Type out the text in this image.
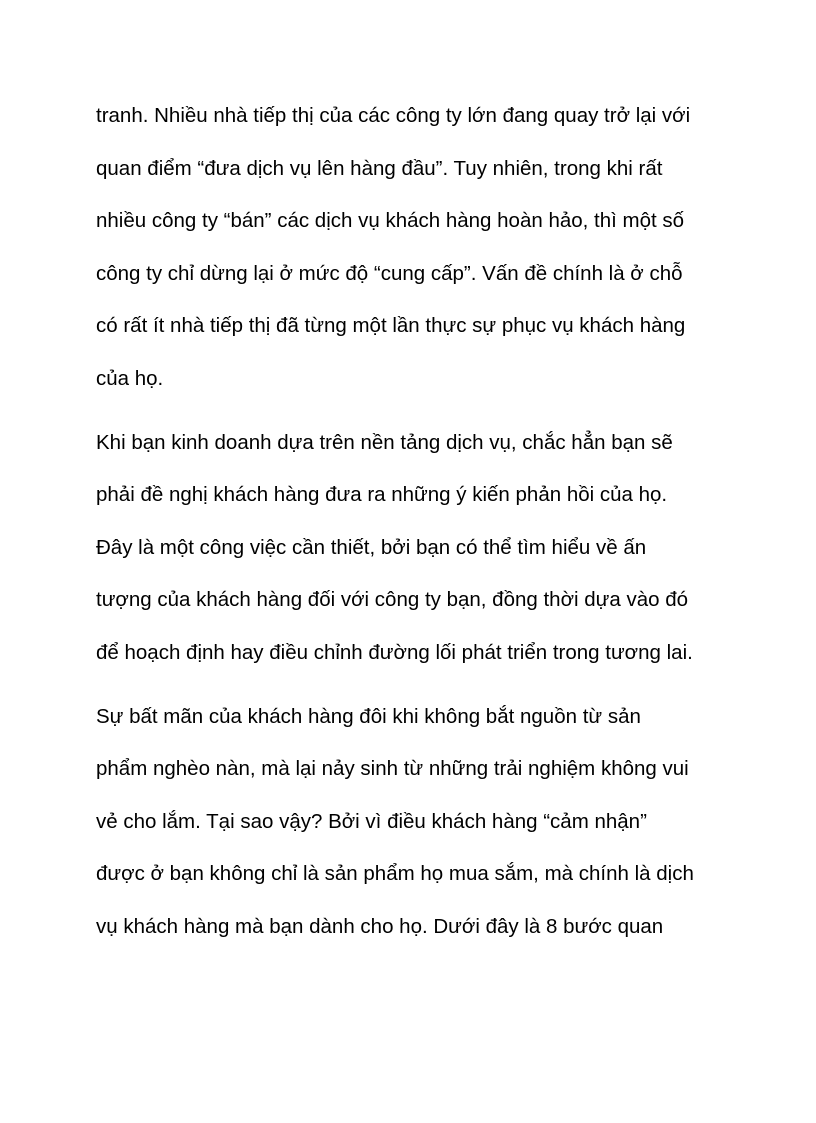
tranh. Nhiều nhà tiếp thị của các công ty lớn đang quay trở lại với
quan điểm “đưa dịch vụ lên hàng đầu”. Tuy nhiên, trong khi rất
nhiều công ty “bán” các dịch vụ khách hàng hoàn hảo, thì một số
công ty chỉ dừng lại ở mức độ “cung cấp”. Vấn đề chính là ở chỗ
có rất ít nhà tiếp thị đã từng một lần thực sự phục vụ khách hàng
của họ.
Khi bạn kinh doanh dựa trên nền tảng dịch vụ, chắc hẳn bạn sẽ
phải đề nghị khách hàng đưa ra những ý kiến phản hồi của họ.
Đây là một công việc cần thiết, bởi bạn có thể tìm hiểu về ấn
tượng của khách hàng đối với công ty bạn, đồng thời dựa vào đó
để hoạch định hay điều chỉnh đường lối phát triển trong tương lai.
Sự bất mãn của khách hàng đôi khi không bắt nguồn từ sản
phẩm nghèo nàn, mà lại nảy sinh từ những trải nghiệm không vui
vẻ cho lắm. Tại sao vậy? Bởi vì điều khách hàng “cảm nhận”
được ở bạn không chỉ là sản phẩm họ mua sắm, mà chính là dịch
vụ khách hàng mà bạn dành cho họ. Dưới đây là 8 bước quan
